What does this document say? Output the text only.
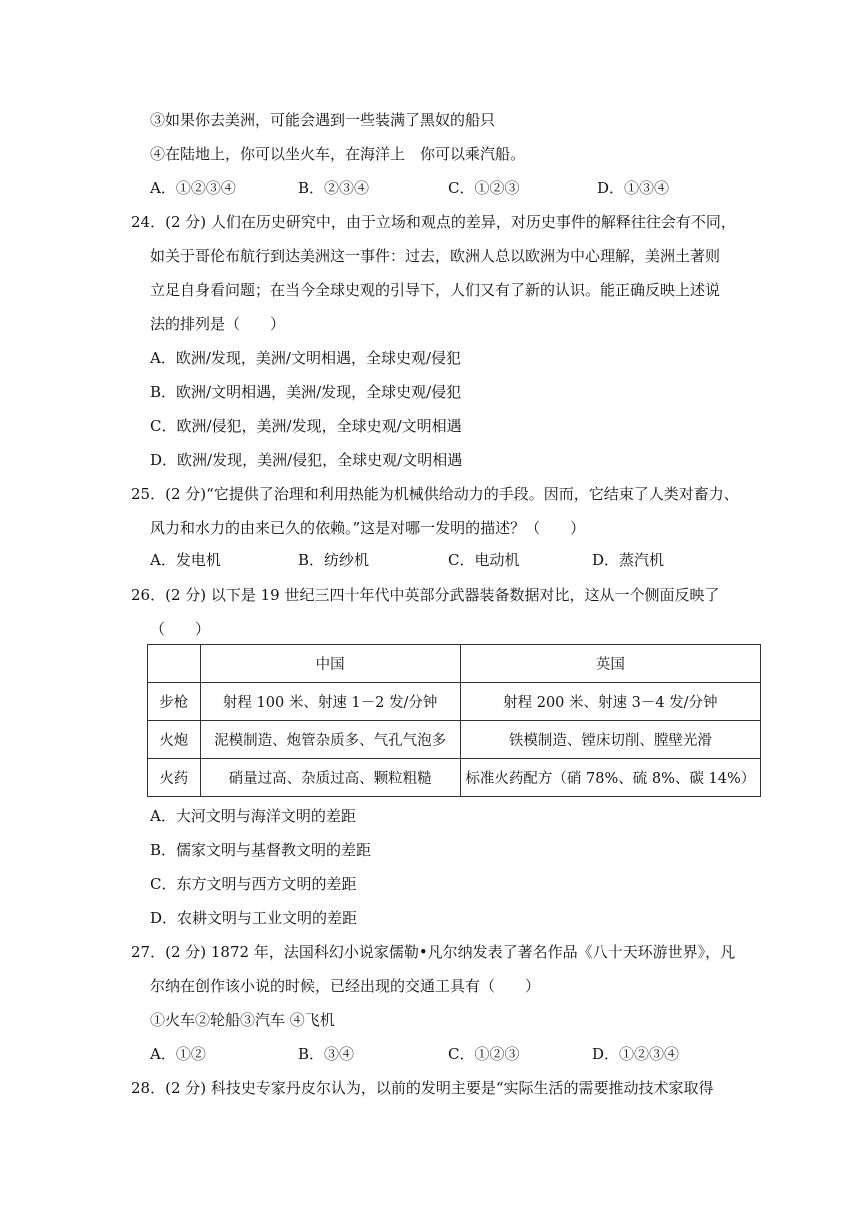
③如果你去美洲，可能会遇到一些装满了黑奴的船只
④在陆地上，你可以坐火车，在海洋上　你可以乘汽船。
A．①②③④	B．②③④	C．①②③	D．①③④
24．(2 分) 人们在历史研究中，由于立场和观点的差异，对历史事件的解释往往会有不同，
如关于哥伦布航行到达美洲这一事件：过去，欧洲人总以欧洲为中心理解，美洲土著则
立足自身看问题；在当今全球史观的引导下，人们又有了新的认识。能正确反映上述说
法的排列是（　　）
A．欧洲/发现，美洲/文明相遇，全球史观/侵犯
B．欧洲/文明相遇，美洲/发现，全球史观/侵犯
C．欧洲/侵犯，美洲/发现，全球史观/文明相遇
D．欧洲/发现，美洲/侵犯，全球史观/文明相遇
25．(2 分)“它提供了治理和利用热能为机械供给动力的手段。因而，它结束了人类对畜力、
风力和水力的由来已久的依赖。”这是对哪一发明的描述？（　　）
A．发电机	B．纺纱机	C．电动机	D．蒸汽机
26．(2 分) 以下是 19 世纪三四十年代中英部分武器装备数据对比，这从一个侧面反映了
（　　）
	中国	英国
步枪	射程 100 米、射速 1－2 发/分钟	射程 200 米、射速 3－4 发/分钟
火炮	泥模制造、炮管杂质多、气孔气泡多	铁模制造、镗床切削、膛壁光滑
火药	硝量过高、杂质过高、颗粒粗糙	标准火药配方（硝 78%、硫 8%、碳 14%）
A．大河文明与海洋文明的差距
B．儒家文明与基督教文明的差距
C．东方文明与西方文明的差距
D．农耕文明与工业文明的差距
27．(2 分) 1872 年，法国科幻小说家儒勒•凡尔纳发表了著名作品《八十天环游世界》，凡
尔纳在创作该小说的时候，已经出现的交通工具有（　　）
①火车②轮船③汽车 ④飞机
A．①②	B．③④	C．①②③	D．①②③④
28．(2 分) 科技史专家丹皮尔认为，以前的发明主要是“实际生活的需要推动技术家取得
